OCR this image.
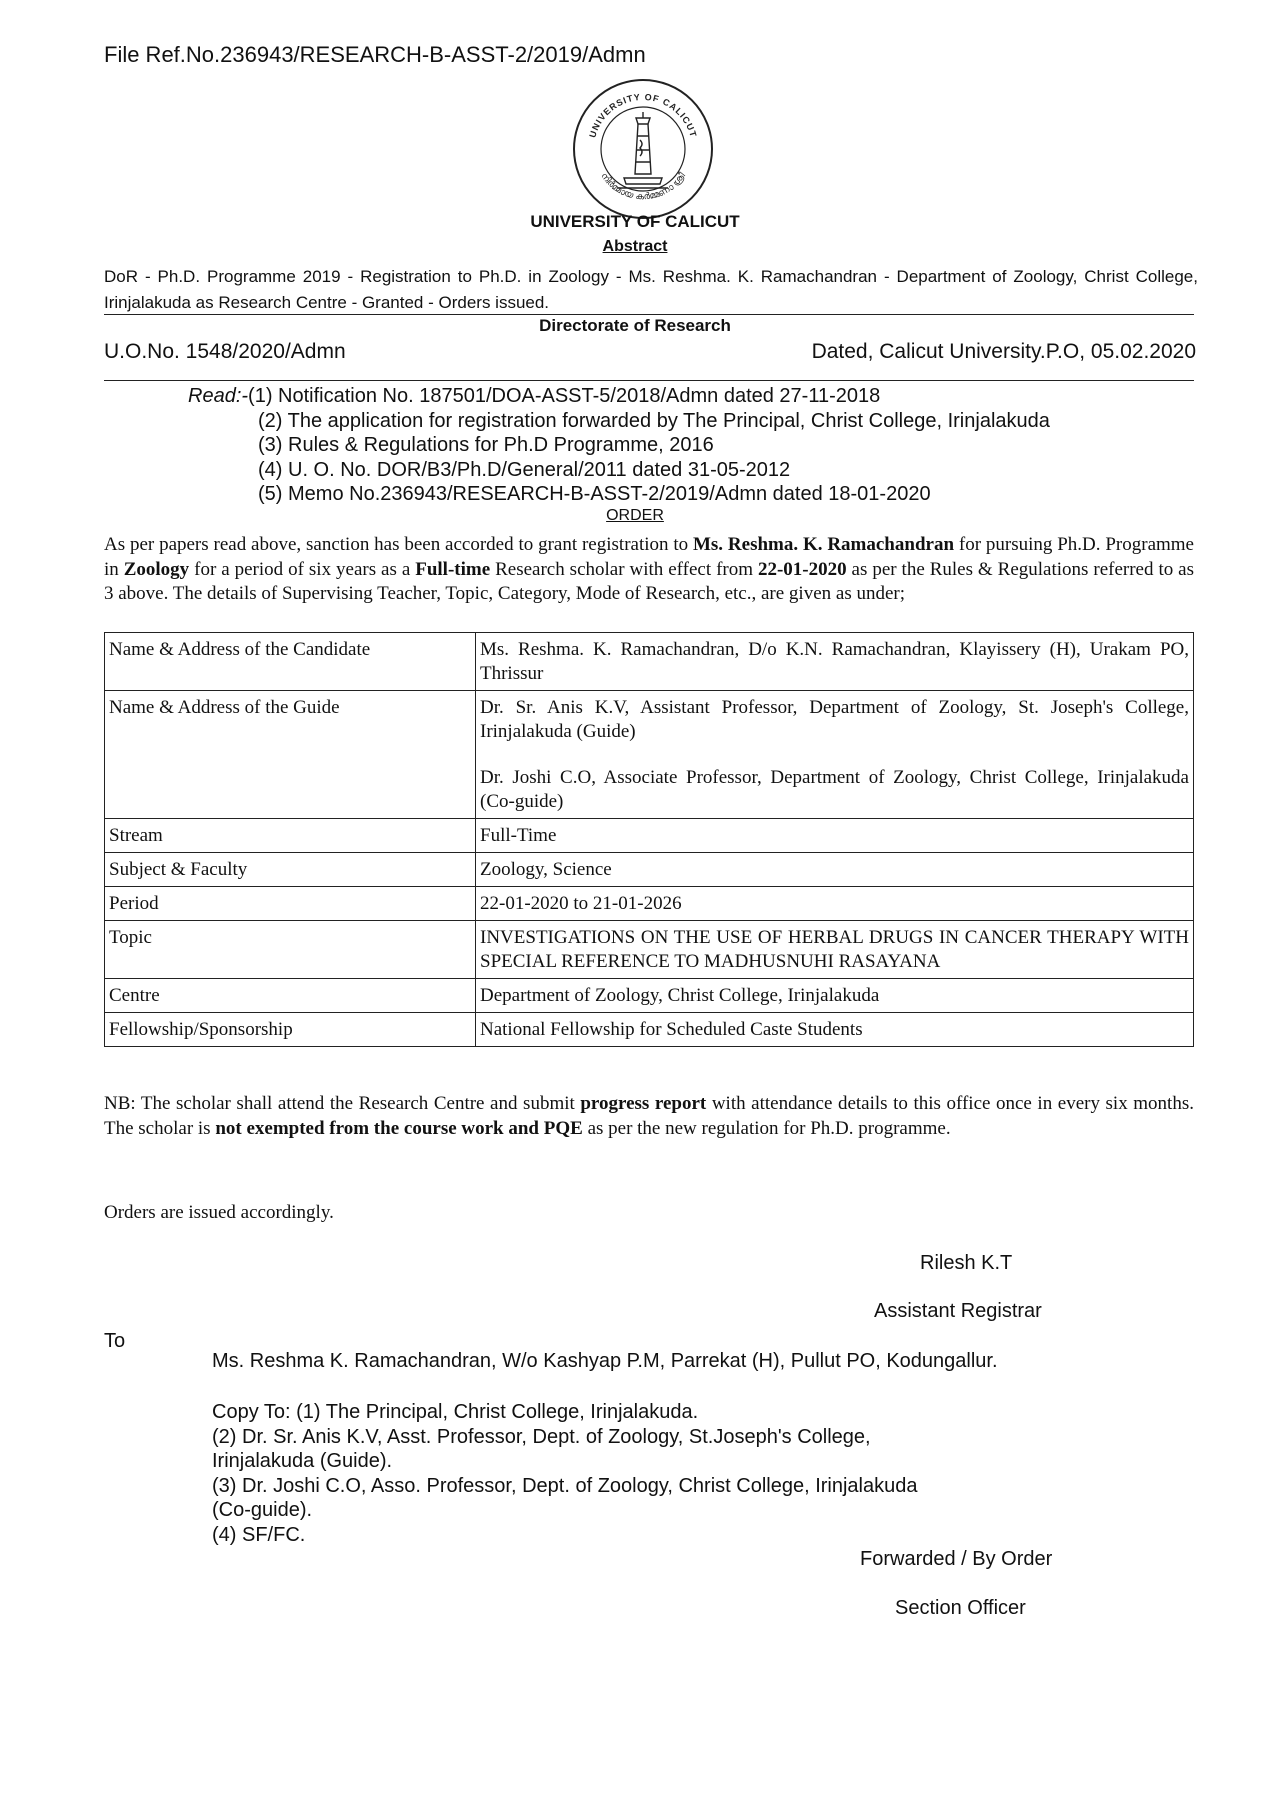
File Ref.No.236943/RESEARCH-B-ASST-2/2019/Admn
UNIVERSITY OF CALICUT
നിർമ്മായ കർമ്മണാ ശ്രീ
UNIVERSITY OF CALICUT
Abstract
DoR - Ph.D. Programme 2019 - Registration to Ph.D. in Zoology - Ms. Reshma. K. Ramachandran - Department of Zoology, Christ College, Irinjalakuda as Research Centre - Granted - Orders issued.
Directorate of Research
U.O.No. 1548/2020/Admn	Dated, Calicut University.P.O, 05.02.2020
Read:-(1) Notification No. 187501/DOA-ASST-5/2018/Admn dated 27-11-2018
(2) The application for registration forwarded by The Principal, Christ College, Irinjalakuda
(3) Rules & Regulations for Ph.D Programme, 2016
(4) U. O. No. DOR/B3/Ph.D/General/2011 dated 31-05-2012
(5) Memo No.236943/RESEARCH-B-ASST-2/2019/Admn dated 18-01-2020
ORDER
As per papers read above, sanction has been accorded to grant registration to Ms. Reshma. K. Ramachandran for pursuing Ph.D. Programme in Zoology for a period of six years as a Full-time Research scholar with effect from 22-01-2020 as per the Rules & Regulations referred to as 3 above. The details of Supervising Teacher, Topic, Category, Mode of Research, etc., are given as under;
Name & Address of the Candidate	Ms. Reshma. K. Ramachandran, D/o K.N. Ramachandran, Klayissery (H), Urakam PO, Thrissur
Name & Address of the Guide	Dr. Sr. Anis K.V, Assistant Professor, Department of Zoology, St. Joseph's College, Irinjalakuda (Guide)
Dr. Joshi C.O, Associate Professor, Department of Zoology, Christ College, Irinjalakuda (Co-guide)

Stream	Full-Time
Subject & Faculty	Zoology, Science
Period	22-01-2020 to 21-01-2026
Topic	INVESTIGATIONS ON THE USE OF HERBAL DRUGS IN CANCER THERAPY WITH SPECIAL REFERENCE TO MADHUSNUHI RASAYANA
Centre	Department of Zoology, Christ College, Irinjalakuda
Fellowship/Sponsorship	National Fellowship for Scheduled Caste Students
NB: The scholar shall attend the Research Centre and submit progress report with attendance details to this office once in every six months. The scholar is not exempted from the course work and PQE as per the new regulation for Ph.D. programme.
Orders are issued accordingly.
Rilesh K.T
Assistant Registrar
To
Ms. Reshma K. Ramachandran, W/o Kashyap P.M, Parrekat (H), Pullut PO, Kodungallur.
Copy To: (1) The Principal, Christ College, Irinjalakuda.
(2) Dr. Sr. Anis K.V, Asst. Professor, Dept. of Zoology, St.Joseph's College,
Irinjalakuda (Guide).
(3) Dr. Joshi C.O, Asso. Professor, Dept. of Zoology, Christ College, Irinjalakuda
(Co-guide).
(4) SF/FC.
Forwarded / By Order
Section Officer
